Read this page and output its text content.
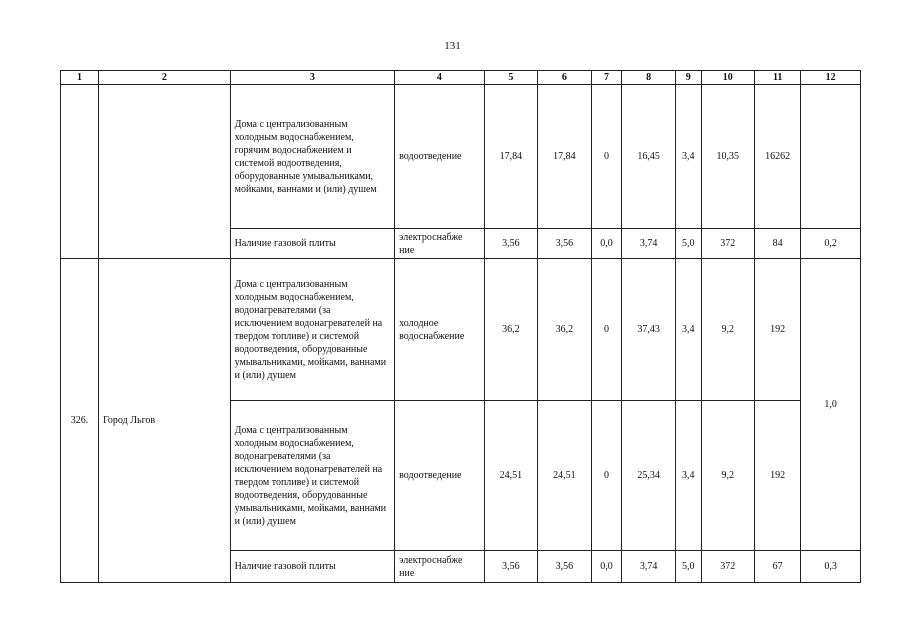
131
1	2	3	4	5	6	7	8	9	10	11	12
		Дома с централизованным холодным водоснабжением, горячим водоснабжением и системой водоотведения, оборудованные умывальниками, мойками, ваннами и (или) душем	водоотведение	17,84	17,84	0	16,45	3,4	10,35	16262	
		Наличие газовой плиты	электроснабже ние	3,56	3,56	0,0	3,74	5,0	372	84	0,2
326.	Город Льгов	Дома с централизованным холодным водоснабжением, водонагревателями (за исключением водонагревателей на твердом топливе) и системой водоотведения, оборудованные умывальниками, мойками, ваннами и (или) душем	холодное водоснабжение	36,2	36,2	0	37,43	3,4	9,2	192	1,0
		Дома с централизованным холодным водоснабжением, водонагревателями (за исключением водонагревателей на твердом топливе) и системой водоотведения, оборудованные умывальниками, мойками, ваннами и (или) душем	водоотведение	24,51	24,51	0	25,34	3,4	9,2	192	
		Наличие газовой плиты	электроснабже ние	3,56	3,56	0,0	3,74	5,0	372	67	0,3
